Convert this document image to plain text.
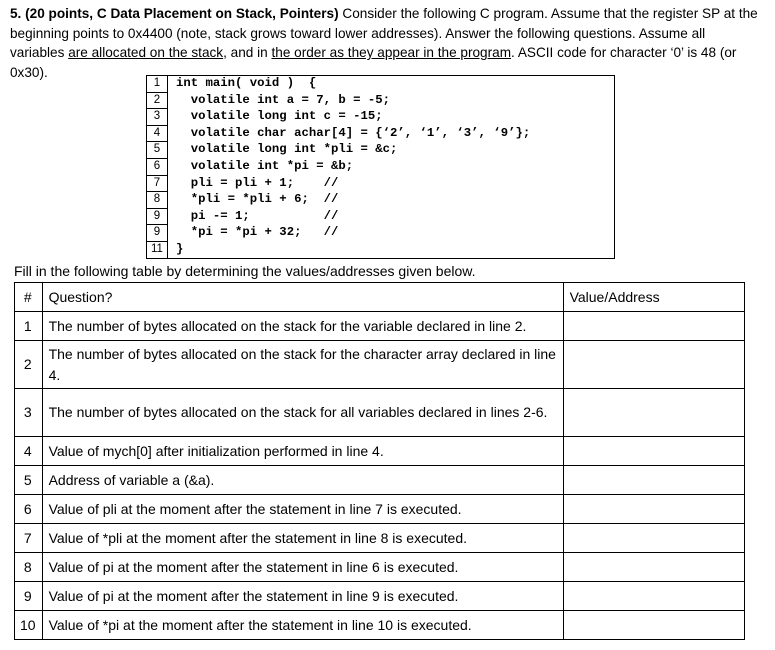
5. (20 points, C Data Placement on Stack, Pointers) Consider the following C program. Assume that the register SP at the beginning points to 0x4400 (note, stack grows toward lower addresses). Answer the following questions. Assume all variables are allocated on the stack, and in the order as they appear in the program. ASCII code for character ‘0’ is 48 (or 0x30).
1	int main( void )  {
2	volatile int a = 7, b = -5;
3	volatile long int c = -15;
4	volatile char achar[4] = {‘2’, ‘1’, ‘3’, ‘9’};
5	volatile long int *pli = &c;
6	volatile int *pi = &b;
7	pli = pli + 1;    //
8	*pli = *pli + 6;  //
9	pi -= 1;          //
9	*pi = *pi + 32;   //
11	}
Fill in the following table by determining the values/addresses given below.
#	Question?	Value/Address
1	The number of bytes allocated on the stack for the variable declared in line 2.	
2	The number of bytes allocated on the stack for the character array declared in line 4.	
3	The number of bytes allocated on the stack for all variables declared in lines 2-6.	
4	Value of mych[0] after initialization performed in line 4.	
5	Address of variable a (&a).	
6	Value of pli at the moment after the statement in line 7 is executed.	
7	Value of *pli at the moment after the statement in line 8 is executed.	
8	Value of pi at the moment after the statement in line 6 is executed.	
9	Value of pi at the moment after the statement in line 9 is executed.	
10	Value of *pi at the moment after the statement in line 10 is executed.	
